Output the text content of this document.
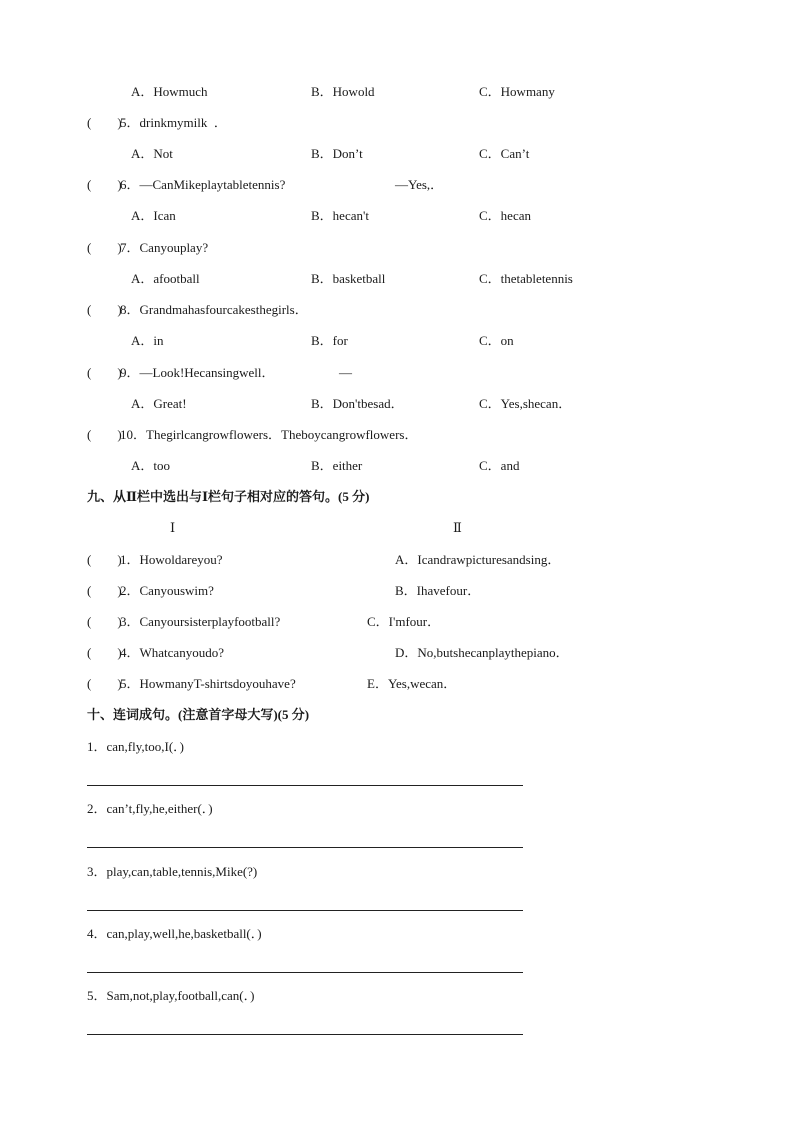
A．Howmuch	B．Howold	C．Howmany
(        )
5．drinkmymilk  ．
A．Not	B．Don’t	C．Can’t
(        )
6．—CanMikeplaytabletennis?	—Yes,．
A．Ican	B．hecan't	C．hecan
(        )
7．Canyouplay?
A．afootball	B．basketball	C．thetabletennis
(        )
8．Grandmahasfourcakesthegirls．
A．in	B．for	C．on
(        )
9．—Look!Hecansingwell．	—
A．Great!	B．Don'tbesad．	C．Yes,shecan．
(        )
10．Thegirlcangrowflowers．Theboycangrowflowers．
A．too	B．either	C．and
九、从Ⅱ栏中选出与Ⅰ栏句子相对应的答句。(5 分)
Ⅰ	Ⅱ
(        )
1．Howoldareyou?	A．Icandrawpicturesandsing．
(        )
2．Canyouswim?	B．Ihavefour．
(        )
3．Canyoursisterplayfootball?	C．I'mfour．
(        )
4．Whatcanyoudo?	D．No,butshecanplaythepiano．
(        )
5．HowmanyT-shirtsdoyouhave?	E．Yes,wecan．
十、连词成句。(注意首字母大写)(5 分)
1．can,fly,too,I(．)
2．can’t,fly,he,either(．)
3．play,can,table,tennis,Mike(?)
4．can,play,well,he,basketball(．)
5．Sam,not,play,football,can(．)
